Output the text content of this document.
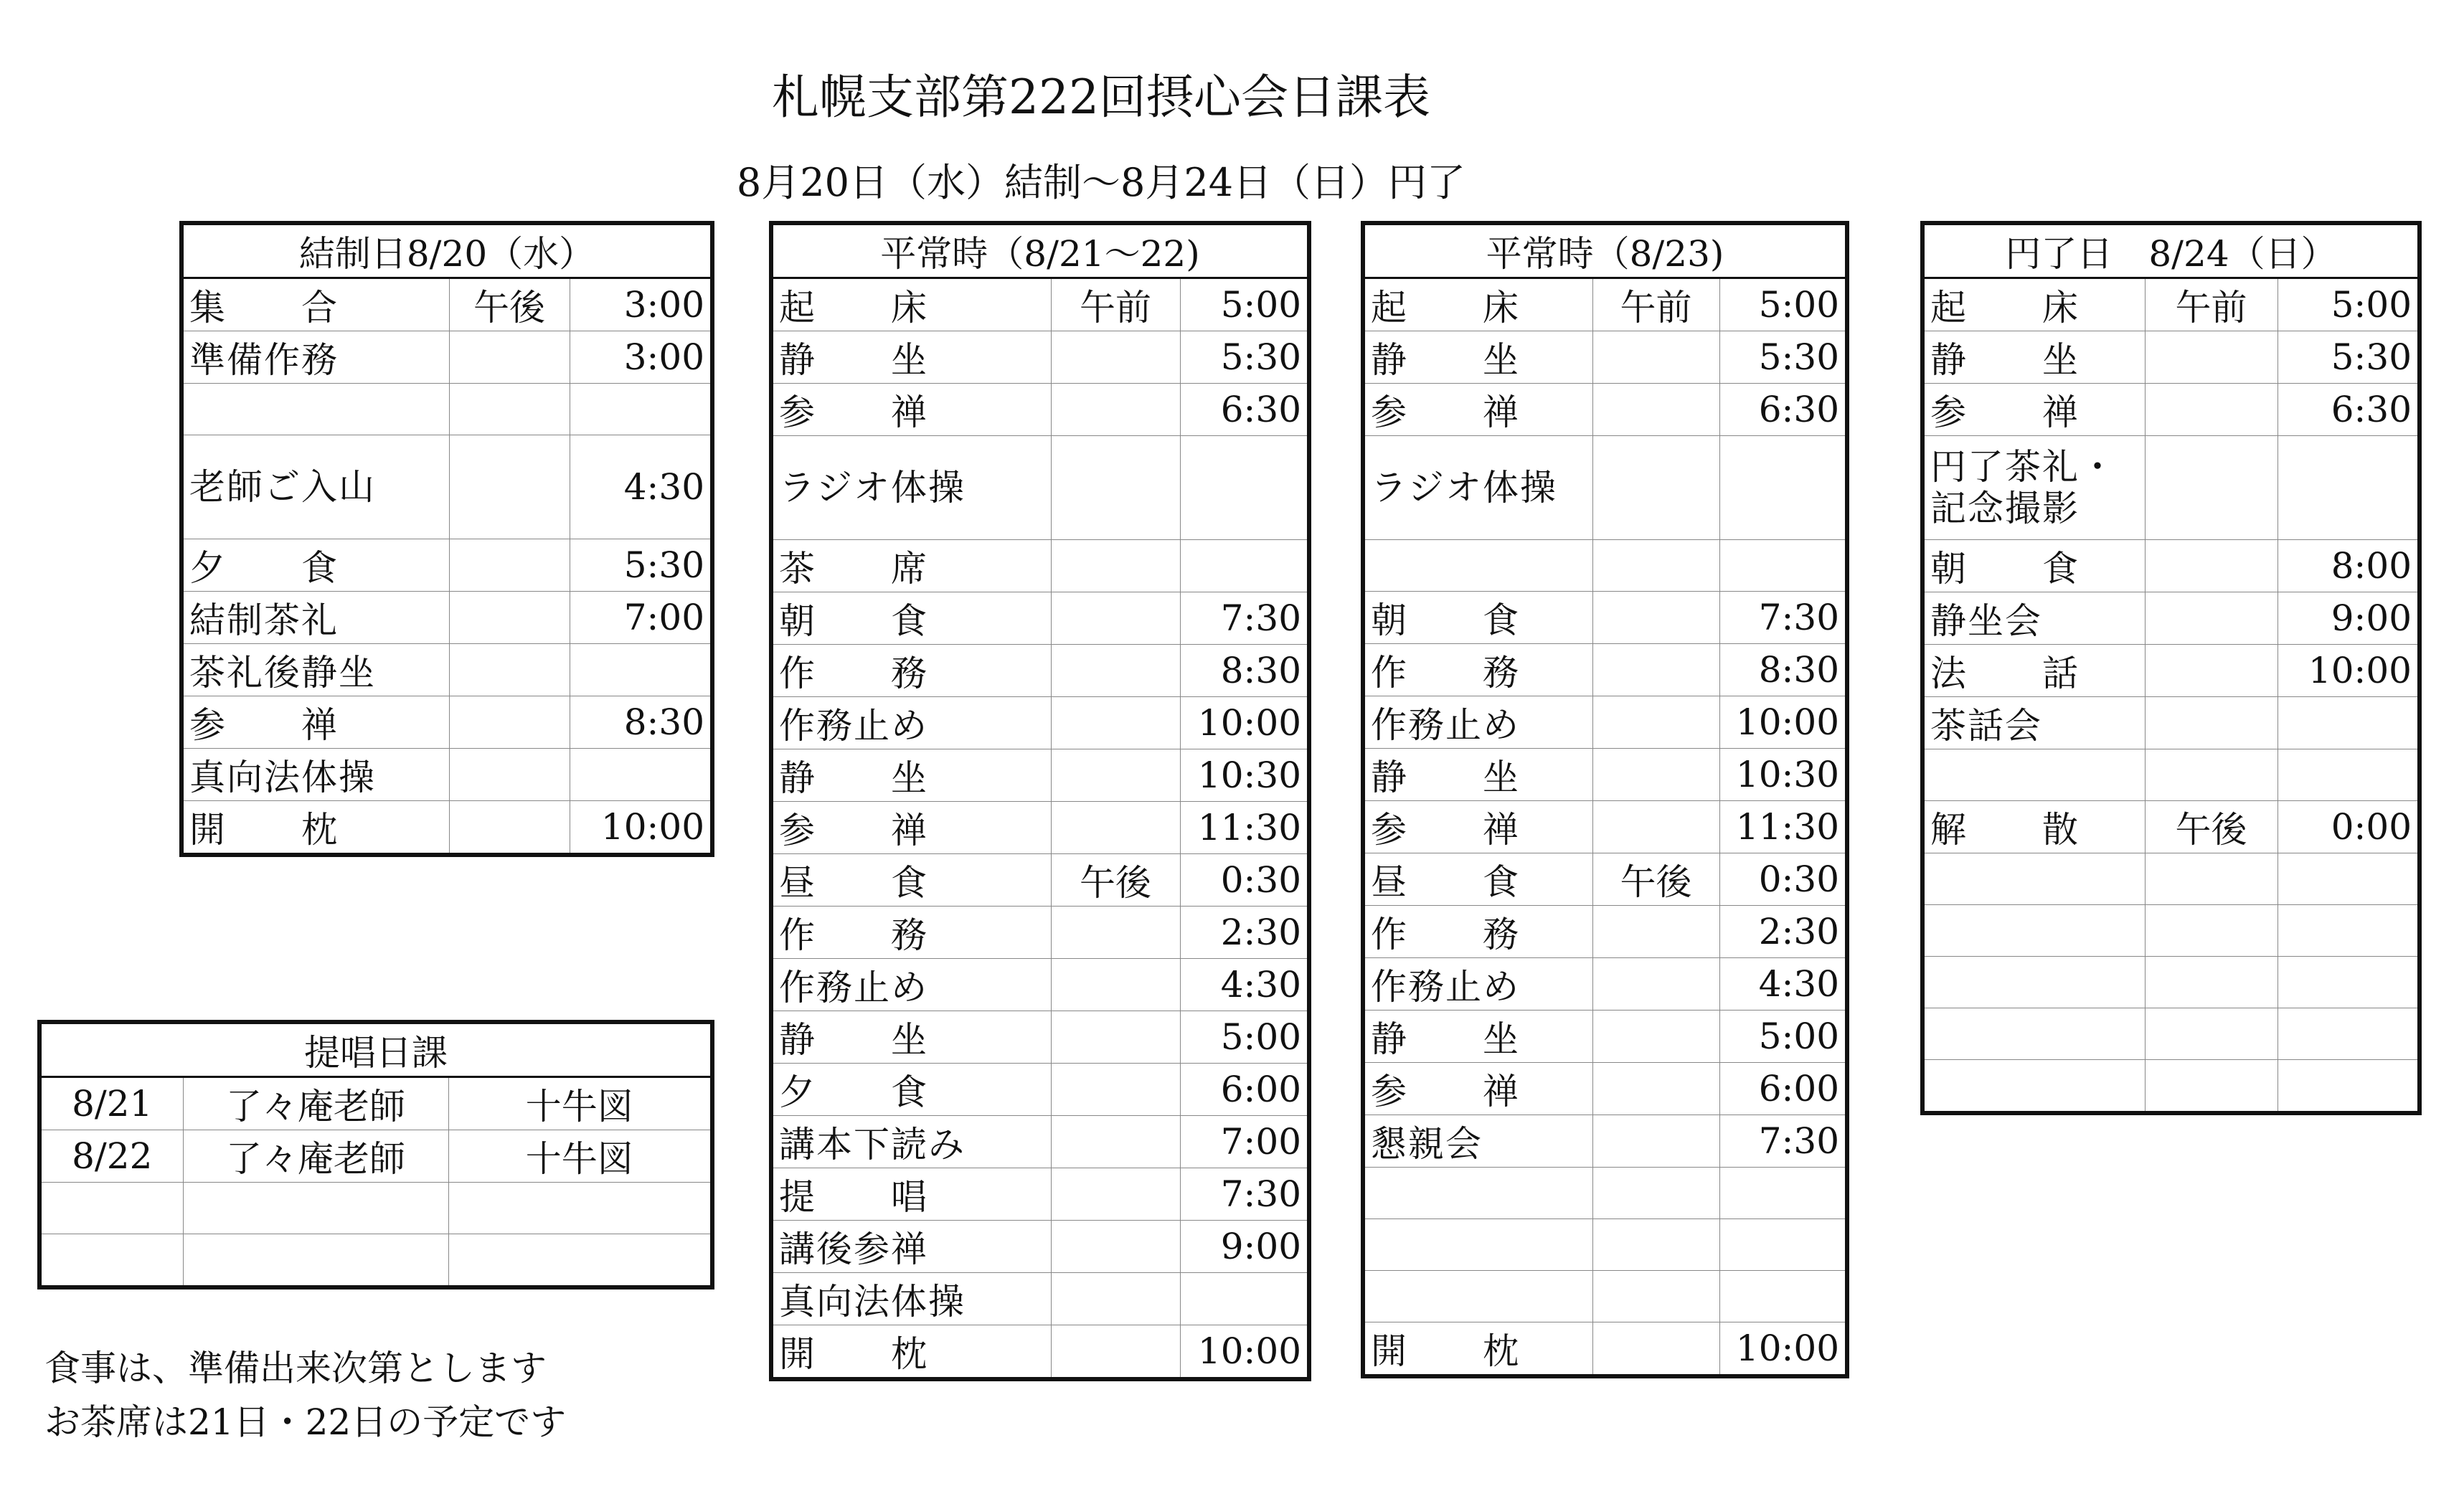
札幌支部第222回摂心会日課表
8月20日（水）結制～8月24日（日）円了
結制日8/20（水）		
集　　合	午後	3:00
準備作務		3:00

老師ご入山		4:30
夕　　食		5:30
結制茶礼		7:00
茶礼後静坐		
参　　禅		8:30
真向法体操		
開　　枕		10:00
平常時（8/21～22)		
起　　床	午前	5:00
静　　坐		5:30
参　　禅		6:30
ラジオ体操		
茶　　席		
朝　　食		7:30
作　　務		8:30
作務止め		10:00
静　　坐		10:30
参　　禅		11:30
昼　　食	午後	0:30
作　　務		2:30
作務止め		4:30
静　　坐		5:00
夕　　食		6:00
講本下読み		7:00
提　　唱		7:30
講後参禅		9:00
真向法体操		
開　　枕		10:00
平常時（8/23)		
起　　床	午前	5:00
静　　坐		5:30
参　　禅		6:30
ラジオ体操		

朝　　食		7:30
作　　務		8:30
作務止め		10:00
静　　坐		10:30
参　　禅		11:30
昼　　食	午後	0:30
作　　務		2:30
作務止め		4:30
静　　坐		5:00
参　　禅		6:00
懇親会		7:30

開　　枕		10:00
円了日　8/24（日）		
起　　床	午前	5:00
静　　坐		5:30
参　　禅		6:30
円了茶礼・記念撮影		
朝　　食		8:00
静坐会		9:00
法　　話		10:00
茶話会		

解　　散	午後	0:00

提唱日課		
8/21	了々庵老師	十牛図
8/22	了々庵老師	十牛図

食事は、準備出来次第とします
お茶席は21日・22日の予定です
